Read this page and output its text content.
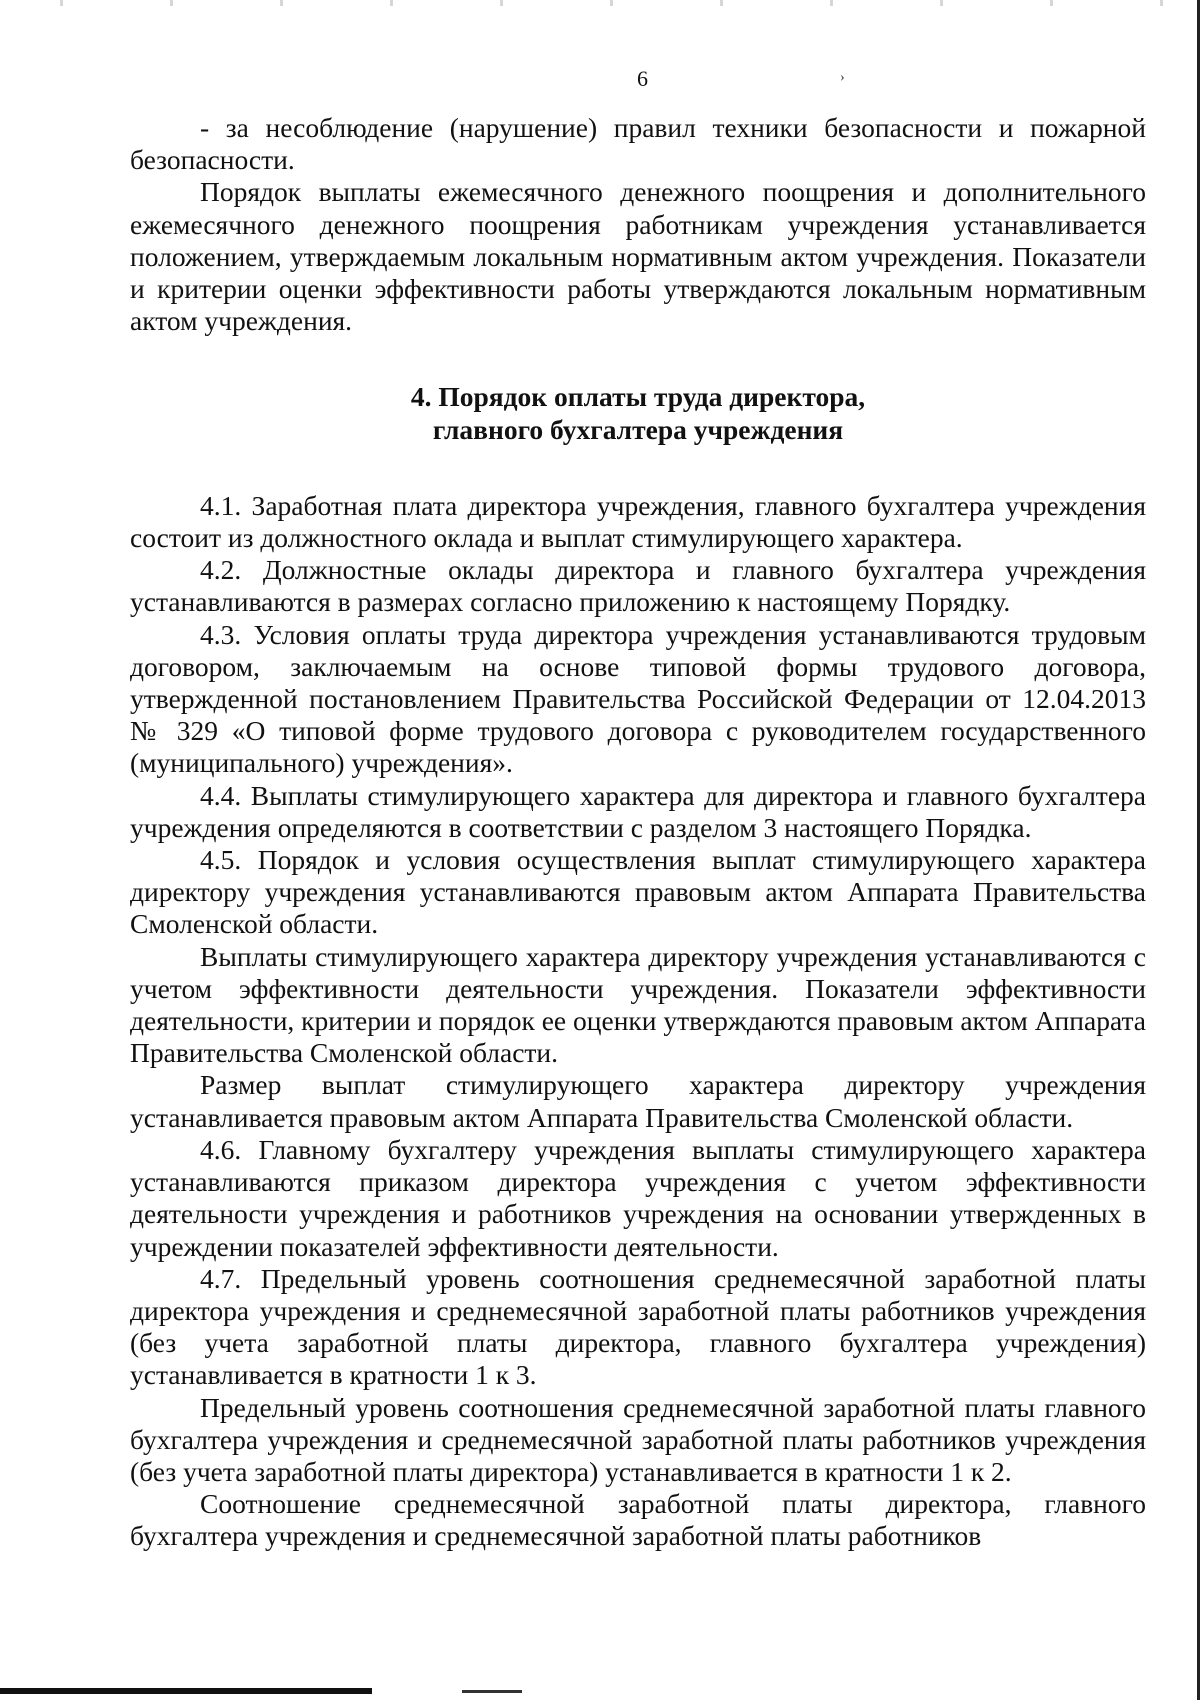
6	›

- за несоблюдение (нарушение) правил техники безопасности и пожарной безопасности.

Порядок выплаты ежемесячного денежного поощрения и дополнительного ежемесячного денежного поощрения работникам учреждения устанавливается положением, утверждаемым локальным нормативным актом учреждения. Показатели и критерии оценки эффективности работы утверждаются локальным нормативным актом учреждения.

4. Порядок оплаты труда директора,
главного бухгалтера учреждения

4.1. Заработная плата директора учреждения, главного бухгалтера учреждения состоит из должностного оклада и выплат стимулирующего характера.

4.2. Должностные оклады директора и главного бухгалтера учреждения устанавливаются в размерах согласно приложению к настоящему Порядку.

4.3. Условия оплаты труда директора учреждения устанавливаются трудовым договором, заключаемым на основе типовой формы трудового договора, утвержденной постановлением Правительства Российской Федерации от 12.04.2013 № 329 «О типовой форме трудового договора с руководителем государственного (муниципального) учреждения».

4.4. Выплаты стимулирующего характера для директора и главного бухгалтера учреждения определяются в соответствии с разделом 3 настоящего Порядка.

4.5. Порядок и условия осуществления выплат стимулирующего характера директору учреждения устанавливаются правовым актом Аппарата Правительства Смоленской области.

Выплаты стимулирующего характера директору учреждения устанавливаются с учетом эффективности деятельности учреждения. Показатели эффективности деятельности, критерии и порядок ее оценки утверждаются правовым актом Аппарата Правительства Смоленской области.

Размер выплат стимулирующего характера директору учреждения устанавливается правовым актом Аппарата Правительства Смоленской области.

4.6. Главному бухгалтеру учреждения выплаты стимулирующего характера устанавливаются приказом директора учреждения с учетом эффективности деятельности учреждения и работников учреждения на основании утвержденных в учреждении показателей эффективности деятельности.

4.7. Предельный уровень соотношения среднемесячной заработной платы директора учреждения и среднемесячной заработной платы работников учреждения (без учета заработной платы директора, главного бухгалтера учреждения) устанавливается в кратности 1 к 3.

Предельный уровень соотношения среднемесячной заработной платы главного бухгалтера учреждения и среднемесячной заработной платы работников учреждения (без учета заработной платы директора) устанавливается в кратности 1 к 2.

Соотношение среднемесячной заработной платы директора, главного бухгалтера учреждения и среднемесячной заработной платы работников
